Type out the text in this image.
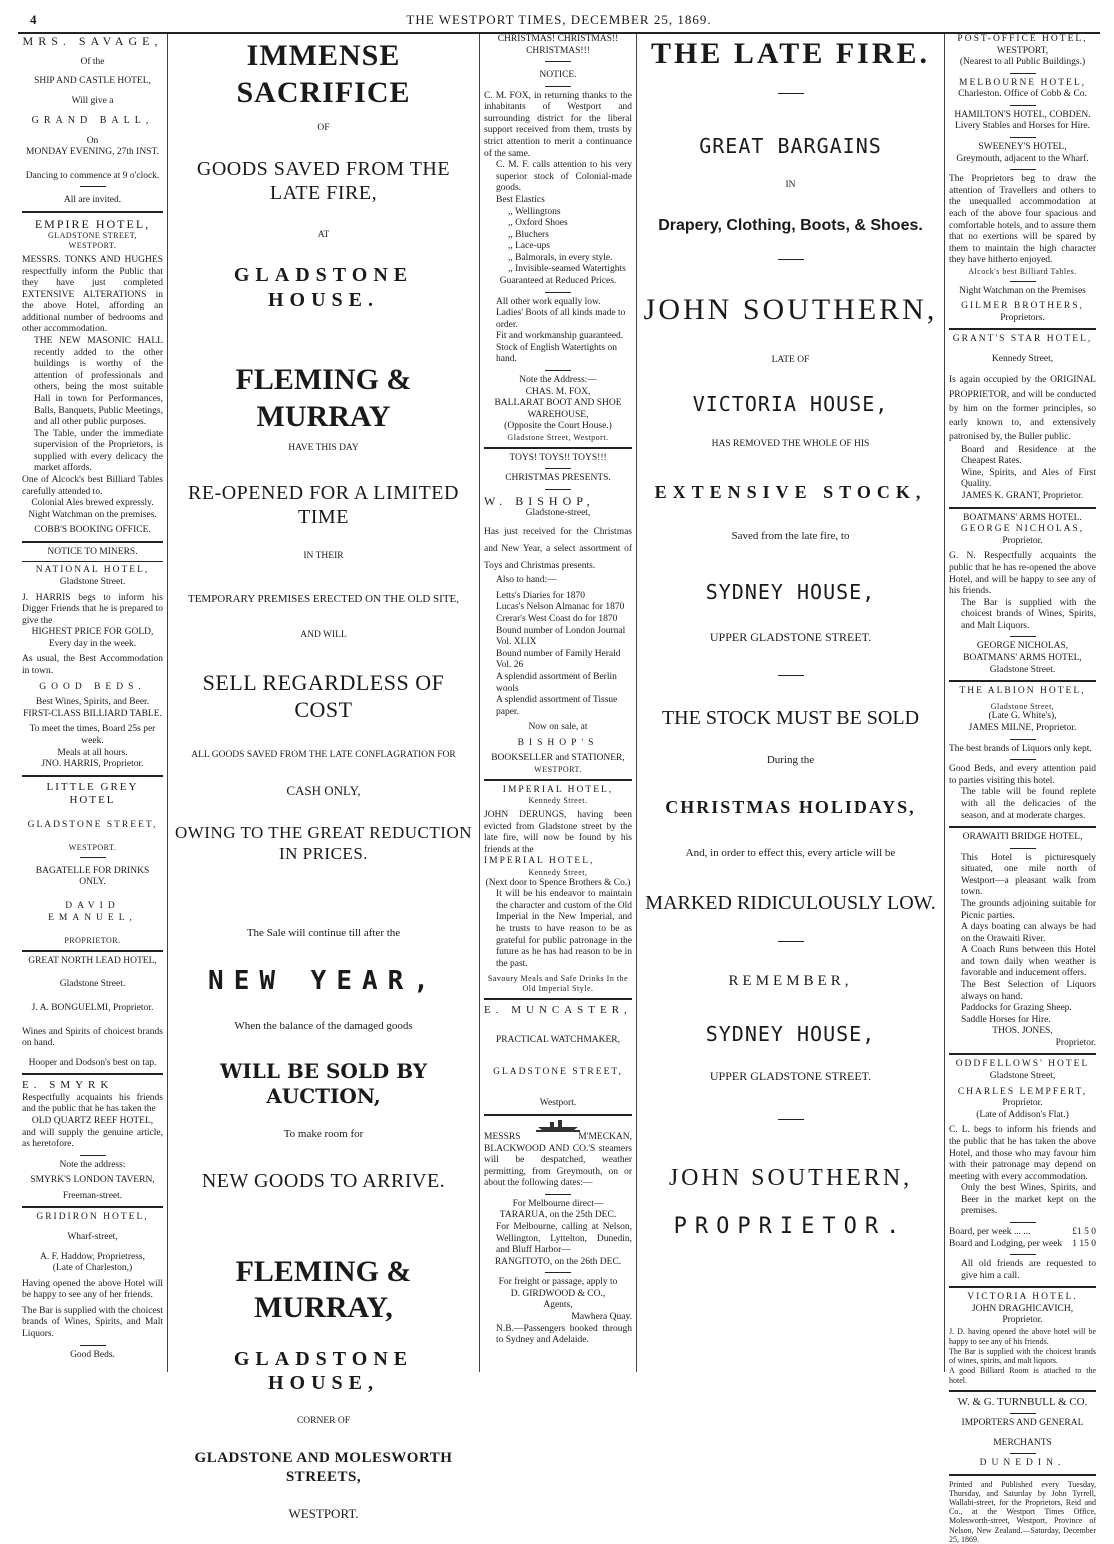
4	THE WESTPORT TIMES, DECEMBER 25, 1869.

MRS. SAVAGE,

Of the

SHIP AND CASTLE HOTEL,

Will give a

GRAND BALL,

On

MONDAY EVENING, 27th INST.

Dancing to commence at 9 o'clock.

All are invited.

EMPIRE HOTEL,

GLADSTONE STREET,

WESTPORT.

MESSRS. TONKS AND HUGHES respectfully inform the Public that they have just completed EXTENSIVE ALTERATIONS in the above Hotel, affording an additional number of bedrooms and other accommodation.

THE NEW MASONIC HALL recently added to the other buildings is worthy of the attention of professionals and others, being the most suitable Hall in town for Performances, Balls, Banquets, Public Meetings, and all other public purposes.

The Table, under the immediate supervision of the Proprietors, is supplied with every delicacy the market affords.

One of Alcock's best Billiard Tables carefully attended to.

Colonial Ales brewed expressly.

Night Watchman on the premises.

COBB'S BOOKING OFFICE.

NOTICE TO MINERS.

NATIONAL HOTEL,

Gladstone Street.

J. HARRIS begs to inform his Digger Friends that he is prepared to give the

HIGHEST PRICE FOR GOLD,

Every day in the week.

As usual, the Best Accommodation in town.

GOOD BEDS.

Best Wines, Spirits, and Beer.

FIRST-CLASS BILLIARD TABLE.

To meet the times, Board 25s per week.

Meals at all hours.

JNO. HARRIS, Proprietor.

LITTLE GREY HOTEL

GLADSTONE STREET,

WESTPORT.

BAGATELLE FOR DRINKS

ONLY.

DAVID EMANUEL,

PROPRIETOR.

GREAT NORTH LEAD HOTEL,

Gladstone Street.

J. A. BONGUELMI, Proprietor.

Wines and Spirits of choicest brands on hand.

Hooper and Dodson's best on tap.

E. SMYRK

Respectfully acquaints his friends and the public that he has taken the

OLD QUARTZ REEF HOTEL,

and will supply the genuine article, as heretofore.

Note the address:

SMYRK'S LONDON TAVERN,

Freeman-street.

GRIDIRON HOTEL,

Wharf-street,

A. F. Haddow, Proprietress,

(Late of Charleston,)

Having opened the above Hotel will be happy to see any of her friends.

The Bar is supplied with the choicest brands of Wines, Spirits, and Malt Liquors.

Good Beds.

IMMENSE SACRIFICE

OF

GOODS SAVED FROM THE LATE FIRE,

AT

GLADSTONE HOUSE.

FLEMING & MURRAY

HAVE THIS DAY

RE-OPENED FOR A LIMITED TIME

IN THEIR

TEMPORARY PREMISES ERECTED ON THE OLD SITE,

AND WILL

SELL REGARDLESS OF COST

ALL GOODS SAVED FROM THE LATE CONFLAGRATION FOR

CASH ONLY,

OWING TO THE GREAT REDUCTION IN PRICES.

The Sale will continue till after the

NEW YEAR,

When the balance of the damaged goods

WILL BE SOLD BY AUCTION,

To make room for

NEW GOODS TO ARRIVE.

FLEMING & MURRAY,

GLADSTONE HOUSE,

CORNER OF

GLADSTONE AND MOLESWORTH STREETS,

WESTPORT.

CHRISTMAS! CHRISTMAS!! CHRISTMAS!!!

NOTICE.

C. M. FOX, in returning thanks to the inhabitants of Westport and surrounding district for the liberal support received from them, trusts by strict attention to merit a continuance of the same.

C. M. F. calls attention to his very superior stock of Colonial-made goods.

Best Elastics

,, Wellingtons

,, Oxford Shoes

,, Bluchers

,, Lace-ups

,, Balmorals, in every style.

,, Invisible-seamed Watertights

Guaranteed at Reduced Prices.

All other work equally low.

Ladies' Boots of all kinds made to order.

Fit and workmanship guaranteed.

Stock of English Watertights on hand.

Note the Address:—

CHAS. M. FOX,

BALLARAT BOOT AND SHOE WAREHOUSE,

(Opposite the Court House.)

Gladstone Street, Westport.

TOYS! TOYS!! TOYS!!!

CHRISTMAS PRESENTS.

W. BISHOP,

Gladstone-street,

Has just received for the Christmas and New Year, a select assortment of Toys and Christmas presents.

Also to hand:—

Letts's Diaries for 1870

Lucas's Nelson Almanac for 1870

Crerar's West Coast do for 1870

Bound number of London Journal Vol. XLIX

Bound number of Family Herald Vol. 26

A splendid assortment of Berlin wools

A splendid assortment of Tissue paper.

Now on sale, at

BISHOP'S

BOOKSELLER and STATIONER,

WESTPORT.

IMPERIAL HOTEL,

Kennedy Street.

JOHN DERUNGS, having been evicted from Gladstone street by the late fire, will now be found by his friends at the

IMPERIAL HOTEL,

Kennedy Street,

(Next door to Spence Brothers & Co.)

It will be his endeavor to maintain the character and custom of the Old Imperial in the New Imperial, and he trusts to have reason to be as grateful for public patronage in the future as he has had reason to be in the past.

Savoury Meals and Safe Drinks In the Old Imperial Style.

E. MUNCASTER,

PRACTICAL WATCHMAKER,

GLADSTONE STREET,

Westport.

MESSRS M'MECKAN, BLACKWOOD AND CO.'S steamers will be despatched, weather permitting, from Greymouth, on or about the following dates:—

For Melbourne direct—

TARARUA, on the 25th DEC.

For Melbourne, calling at Nelson, Wellington, Lyttelton, Dunedin, and Bluff Harbor—

RANGITOTO, on the 26th DEC.

For freight or passage, apply to

D. GIRDWOOD & CO.,

Agents,

Mawhera Quay.

N.B.—Passengers booked through to Sydney and Adelaide.

THE LATE FIRE.

GREAT BARGAINS

IN

Drapery, Clothing, Boots, & Shoes.

JOHN SOUTHERN,

LATE OF

VICTORIA HOUSE,

HAS REMOVED THE WHOLE OF HIS

EXTENSIVE STOCK,

Saved from the late fire, to

SYDNEY HOUSE,

UPPER GLADSTONE STREET.

THE STOCK MUST BE SOLD

During the

CHRISTMAS HOLIDAYS,

And, in order to effect this, every article will be

MARKED RIDICULOUSLY LOW.

REMEMBER,

SYDNEY HOUSE,

UPPER GLADSTONE STREET.

JOHN SOUTHERN,

PROPRIETOR.

POST-OFFICE HOTEL,

WESTPORT,

(Nearest to all Public Buildings.)

MELBOURNE HOTEL,

Charleston. Office of Cobb & Co.

HAMILTON'S HOTEL, COBDEN.

Livery Stables and Horses for Hire.

SWEENEY'S HOTEL,

Greymouth, adjacent to the Wharf.

The Proprietors beg to draw the attention of Travellers and others to the unequalled accommodation at each of the above four spacious and comfortable hotels, and to assure them that no exertions will be spared by them to maintain the high character they have hitherto enjoyed.

Alcock's best Billiard Tables.

Night Watchman on the Premises

GILMER BROTHERS,

Proprietors.

GRANT'S STAR HOTEL,

Kennedy Street,

Is again occupied by the ORIGINAL PROPRIETOR, and will be conducted by him on the former principles, so early known to, and extensively patronised by, the Buller public.

Board and Residence at the Cheapest Rates.

Wine, Spirits, and Ales of First Quality.

JAMES K. GRANT, Proprietor.

BOATMANS' ARMS HOTEL.

GEORGE NICHOLAS,

Proprietor.

G. N. Respectfully acquaints the public that he has re-opened the above Hotel, and will be happy to see any of his friends.

The Bar is supplied with the choicest brands of Wines, Spirits, and Malt Liquors.

GEORGE NICHOLAS,

BOATMANS' ARMS HOTEL,

Gladstone Street.

THE ALBION HOTEL,

Gladstone Street,

(Late G. White's),

JAMES MILNE, Proprietor.

The best brands of Liquors only kept.

Good Beds, and every attention paid to parties visiting this hotel.

The table will be found replete with all the delicacies of the season, and at moderate charges.

ORAWAITI BRIDGE HOTEL,

This Hotel is picturesquely situated, one mile north of Westport—a pleasant walk from town.

The grounds adjoining suitable for Picnic parties.

A days boating can always be had on the Orawaiti River.

A Coach Runs between this Hotel and town daily when weather is favorable and inducement offers.

The Best Selection of Liquors always on hand.

Paddocks for Grazing Sheep.

Saddle Horses for Hire.

THOS. JONES,

Proprietor.

ODDFELLOWS' HOTEL

Gladstone Street,

CHARLES LEMPFERT,

Proprietor.

(Late of Addison's Flat.)

C. L. begs to inform his friends and the public that he has taken the above Hotel, and those who may favour him with their patronage may depend on meeting with every accommodation.

Only the best Wines, Spirits, and Beer in the market kept on the premises.

Board, per week ... ...	£1 5 0
Board and Lodging, per week 1 15 0

All old friends are requested to give him a call.

VICTORIA HOTEL.

JOHN DRAGHICAVICH,

Proprietor.

J. D. having opened the above hotel will be happy to see any of his friends.

The Bar is supplied with the choicest brands of wines, spirits, and malt liquors.

A good Billiard Room is attached to the hotel.

W. & G. TURNBULL & CO.

IMPORTERS AND GENERAL

MERCHANTS

DUNEDIN.

Printed and Published every Tuesday, Thursday, and Saturday by John Tyrrell, Wallabi-street, for the Proprietors, Reid and Co., at the Westport Times Office, Molesworth-street, Westport, Province of Nelson, New Zealand.—Saturday, December 25, 1869.
